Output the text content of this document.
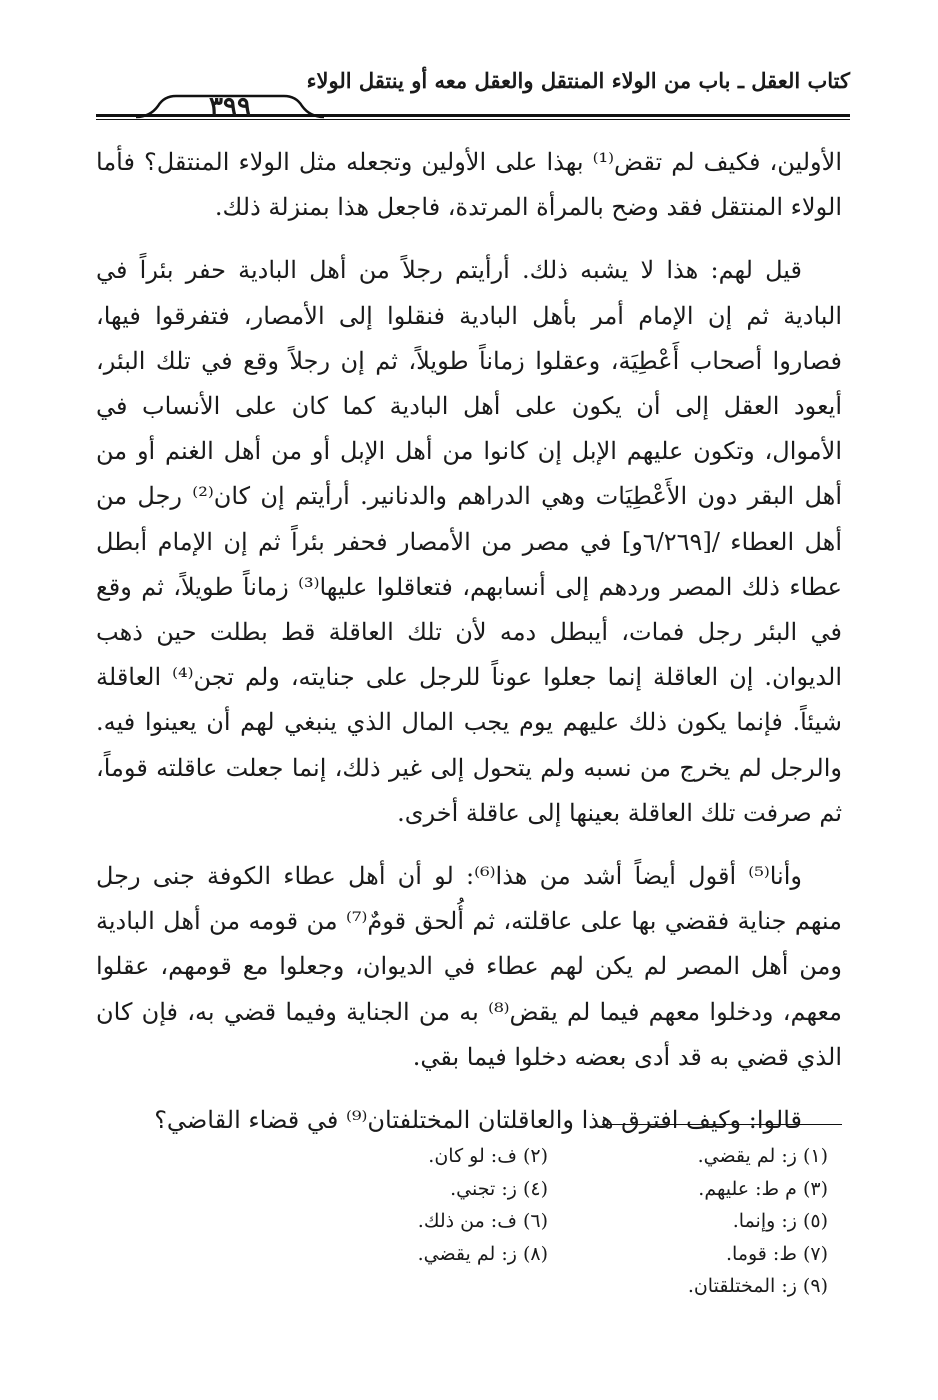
كتاب العقل ـ باب من الولاء المنتقل والعقل معه أو ينتقل الولاء
٣٩٩

الأولين، فكيف لم تقض⁽¹⁾ بهذا على الأولين وتجعله مثل الولاء المنتقل؟ فأما الولاء المنتقل فقد وضح بالمرأة المرتدة، فاجعل هذا بمنزلة ذلك.

قيل لهم: هذا لا يشبه ذلك. أرأيتم رجلاً من أهل البادية حفر بئراً في البادية ثم إن الإمام أمر بأهل البادية فنقلوا إلى الأمصار، فتفرقوا فيها، فصاروا أصحاب أَعْطِيَة، وعقلوا زماناً طويلاً، ثم إن رجلاً وقع في تلك البئر، أيعود العقل إلى أن يكون على أهل البادية كما كان على الأنساب في الأموال، وتكون عليهم الإبل إن كانوا من أهل الإبل أو من أهل الغنم أو من أهل البقر دون الأَعْطِيَات وهي الدراهم والدنانير. أرأيتم إن كان⁽²⁾ رجل من أهل العطاء /[٦/٢٦٩و] في مصر من الأمصار فحفر بئراً ثم إن الإمام أبطل عطاء ذلك المصر وردهم إلى أنسابهم، فتعاقلوا عليها⁽³⁾ زماناً طويلاً، ثم وقع في البئر رجل فمات، أيبطل دمه لأن تلك العاقلة قط بطلت حين ذهب الديوان. إن العاقلة إنما جعلوا عوناً للرجل على جنايته، ولم تجن⁽⁴⁾ العاقلة شيئاً. فإنما يكون ذلك عليهم يوم يجب المال الذي ينبغي لهم أن يعينوا فيه. والرجل لم يخرج من نسبه ولم يتحول إلى غير ذلك، إنما جعلت عاقلته قوماً، ثم صرفت تلك العاقلة بعينها إلى عاقلة أخرى.

وأنا⁽⁵⁾ أقول أيضاً أشد من هذا⁽⁶⁾: لو أن أهل عطاء الكوفة جنى رجل منهم جناية فقضي بها على عاقلته، ثم أُلحق قومٌ⁽⁷⁾ من قومه من أهل البادية ومن أهل المصر لم يكن لهم عطاء في الديوان، وجعلوا مع قومهم، عقلوا معهم، ودخلوا معهم فيما لم يقض⁽⁸⁾ به من الجناية وفيما قضي به، فإن كان الذي قضي به قد أدى بعضه دخلوا فيما بقي.

قالوا: وكيف افترق هذا والعاقلتان المختلفتان⁽⁹⁾ في قضاء القاضي؟

(١) ز: لم يقضي.
(٣) م ط: عليهم.
(٥) ز: وإنما.
(٧) ط: قوما.
(٩) ز: المختلقتان.
(٢) ف: لو كان.
(٤) ز: تجني.
(٦) ف: من ذلك.
(٨) ز: لم يقضي.
